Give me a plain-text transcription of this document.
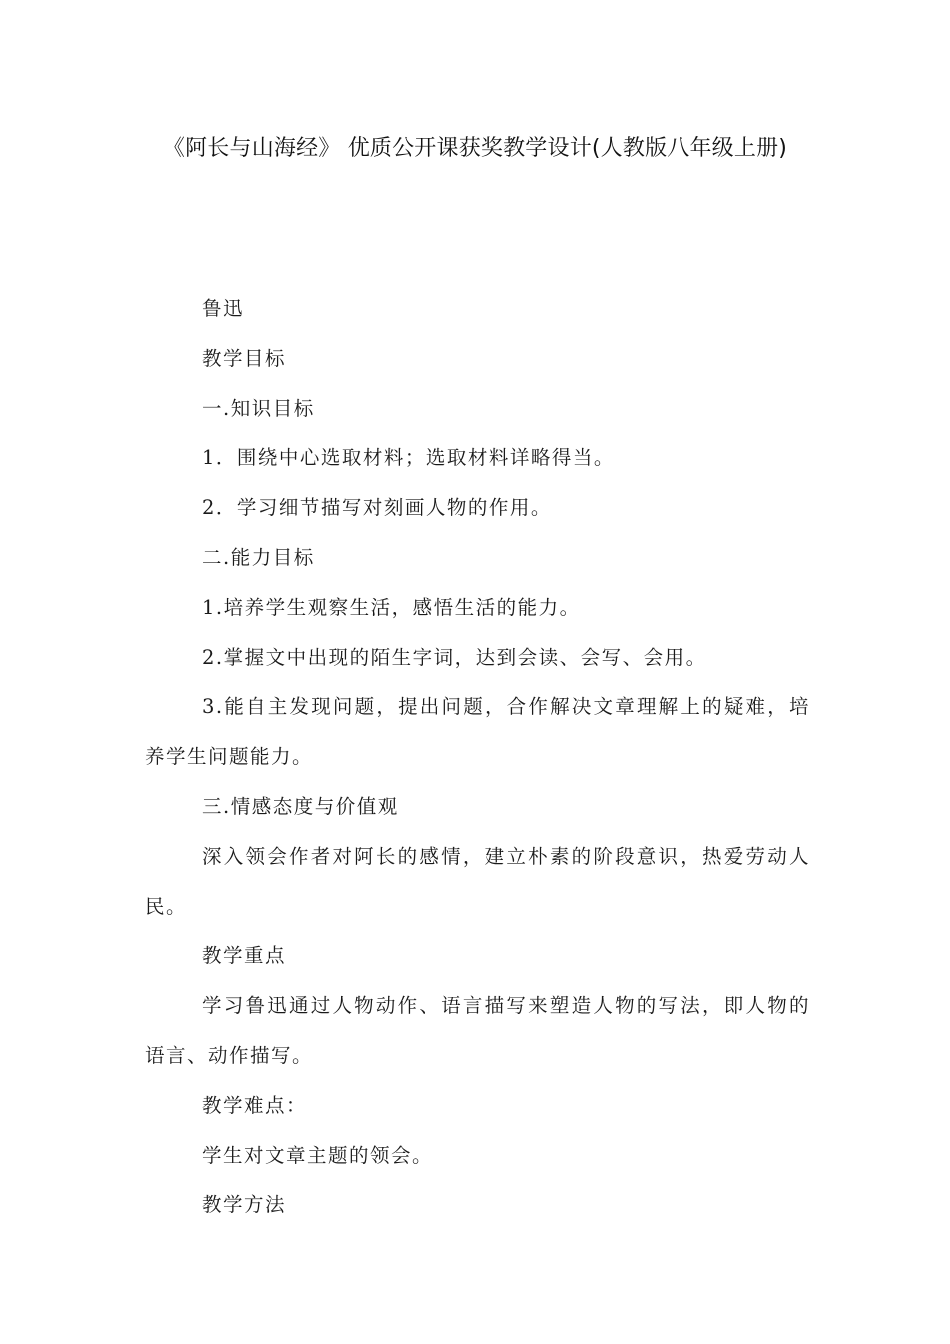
《阿长与山海经》 优质公开课获奖教学设计(人教版八年级上册)

鲁迅

教学目标

一.知识目标

1．围绕中心选取材料；选取材料详略得当。

2．学习细节描写对刻画人物的作用。

二.能力目标

1.培养学生观察生活，感悟生活的能力。

2.掌握文中出现的陌生字词，达到会读、会写、会用。

3.能自主发现问题，提出问题，合作解决文章理解上的疑难，培养学生问题能力。

三.情感态度与价值观

深入领会作者对阿长的感情，建立朴素的阶段意识，热爱劳动人民。

教学重点

学习鲁迅通过人物动作、语言描写来塑造人物的写法，即人物的语言、动作描写。

教学难点：

学生对文章主题的领会。

教学方法
